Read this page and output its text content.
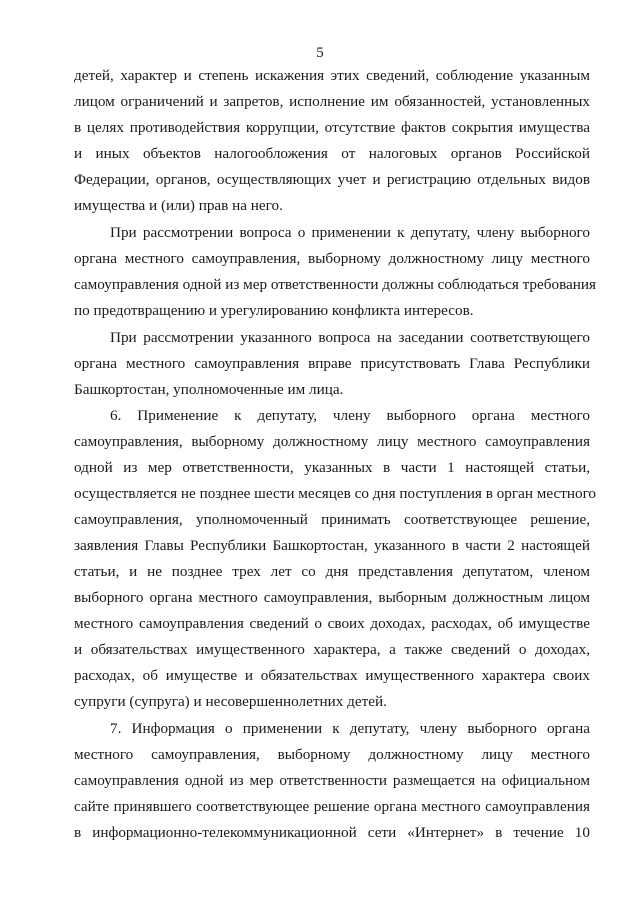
5
детей, характер и степень искажения этих сведений, соблюдение указанным
лицом ограничений и запретов, исполнение им обязанностей, установленных
в целях противодействия коррупции, отсутствие фактов сокрытия имущества
и иных объектов налогообложения от налоговых органов Российской
Федерации, органов, осуществляющих учет и регистрацию отдельных видов
имущества и (или) прав на него.
При рассмотрении вопроса о применении к депутату, члену выборного
органа местного самоуправления, выборному должностному лицу местного
самоуправления одной из мер ответственности должны соблюдаться требования
по предотвращению и урегулированию конфликта интересов.
При рассмотрении указанного вопроса на заседании соответствующего
органа местного самоуправления вправе присутствовать Глава Республики
Башкортостан, уполномоченные им лица.
6. Применение к депутату, члену выборного органа местного
самоуправления, выборному должностному лицу местного самоуправления
одной из мер ответственности, указанных в части 1 настоящей статьи,
осуществляется не позднее шести месяцев со дня поступления в орган местного
самоуправления, уполномоченный принимать соответствующее решение,
заявления Главы Республики Башкортостан, указанного в части 2 настоящей
статьи, и не позднее трех лет со дня представления депутатом, членом
выборного органа местного самоуправления, выборным должностным лицом
местного самоуправления сведений о своих доходах, расходах, об имуществе
и обязательствах имущественного характера, а также сведений о доходах,
расходах, об имуществе и обязательствах имущественного характера своих
супруги (супруга) и несовершеннолетних детей.
7. Информация о применении к депутату, члену выборного органа
местного самоуправления, выборному должностному лицу местного
самоуправления одной из мер ответственности размещается на официальном
сайте принявшего соответствующее решение органа местного самоуправления
в информационно-телекоммуникационной сети «Интернет» в течение 10
